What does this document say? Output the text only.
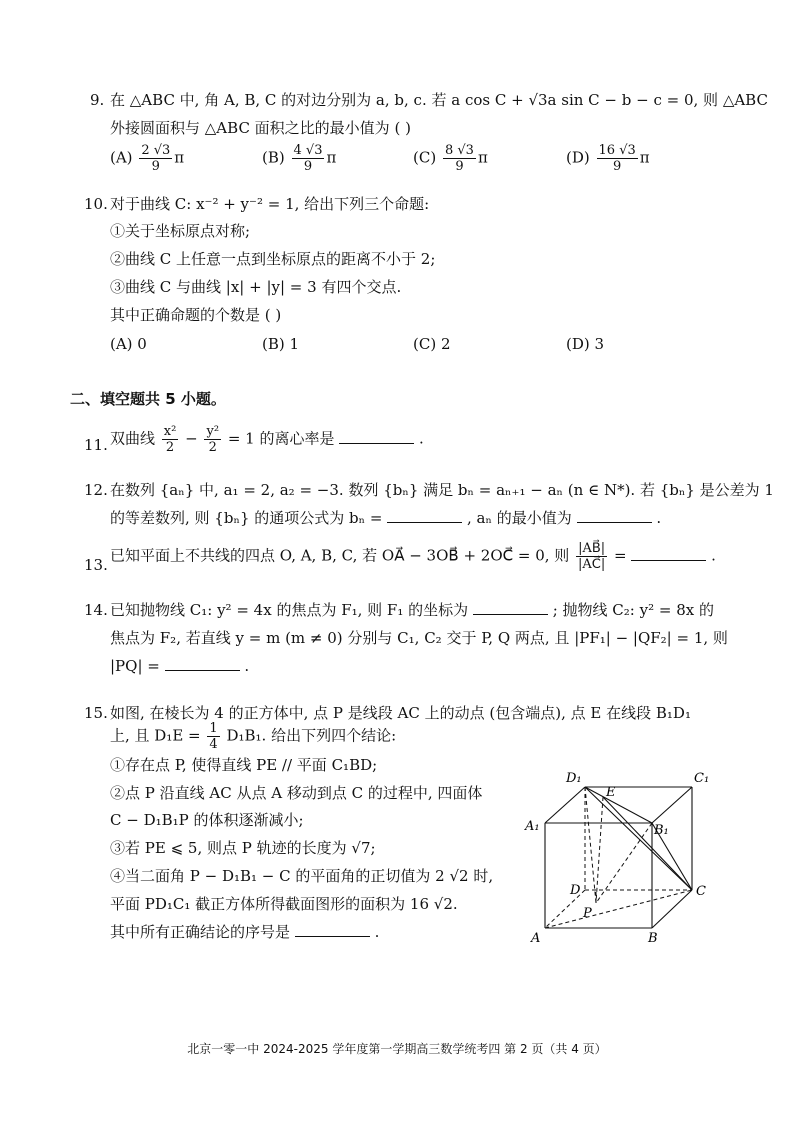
9. 在 △ABC 中, 角 A, B, C 的对边分别为 a, b, c. 若 a cos C + √3a sin C − b − c = 0, 则 △ABC
外接圆面积与 △ABC 面积之比的最小值为 ( )
$(A) \frac{2 √3}{9}$ π	$(B) \frac{4 √3}{9}$ π	$(C) \frac{8 √3}{9}$ π	$(D) \frac{16 √3}{9}$ π
10. 对于曲线 C: x⁻² + y⁻² = 1, 给出下列三个命题:
①关于坐标原点对称;
②曲线 C 上任意一点到坐标原点的距离不小于 2;
③曲线 C 与曲线 |x| + |y| = 3 有四个交点.
其中正确命题的个数是 ( )
(A) 0	(B) 1	(C) 2	(D) 3
二、填空题共 5 小题。
11. 双曲线 $\frac{\text{x²}}{2} - \frac{\text{y²}}{2} = 1$ 的离心率是	.
12. 在数列 {aₙ} 中, a₁ = 2, a₂ = −3. 数列 {bₙ} 满足 bₙ = aₙ₊₁ − aₙ (n ∈ N*). 若 {bₙ} 是公差为 1
的等差数列, 则 {bₙ} 的通项公式为 bₙ =	, aₙ 的最小值为	.
13.
已知平面上不共线的四点 O, A, B, C, 若 OA⃗ − 3OB⃗ + 2OC⃗ = 0, 则 $\frac{|AB⃗|}{|AC⃗|}$ =	.
14. 已知抛物线 C₁: y² = 4x 的焦点为 F₁, 则 F₁ 的坐标为	; 抛物线 C₂: y² = 8x 的
焦点为 F₂, 若直线 y = m (m ≠ 0) 分别与 C₁, C₂ 交于 P, Q 两点, 且 |PF₁| − |QF₂| = 1, 则
|PQ| =	.
15. 如图, 在棱长为 4 的正方体中, 点 P 是线段 AC 上的动点 (包含端点), 点 E 在线段 B₁D₁
上, 且 $D_1E = \frac{1}{4} D_1B_1$. 给出下列四个结论:
①存在点 P, 使得直线 PE // 平面 C₁BD;
②点 P 沿直线 AC 从点 A 移动到点 C 的过程中, 四面体
C − D₁B₁P 的体积逐渐减小;
③若 PE ⩽ 5, 则点 P 轨迹的长度为 √7;
④当二面角 P − D₁B₁ − C 的平面角的正切值为 2 √2 时,
平面 PD₁C₁ 截正方体所得截面图形的面积为 16 √2.
其中所有正确结论的序号是	.
D₁	C₁
A₁	B₁
E
D	C
P
A	B
北京一零一中 2024-2025 学年度第一学期高三数学统考四 第 2 页（共 4 页）
